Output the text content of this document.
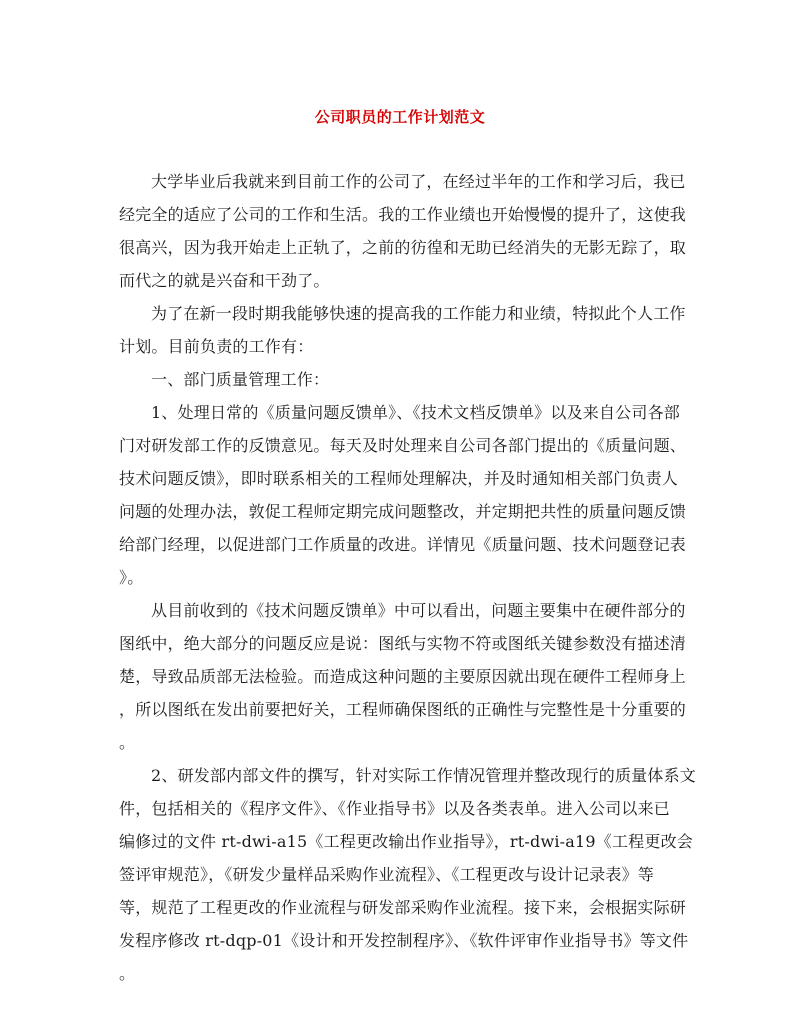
公司职员的工作计划范文
大学毕业后我就来到目前工作的公司了，在经过半年的工作和学习后，我已
经完全的适应了公司的工作和生活。我的工作业绩也开始慢慢的提升了，这使我
很高兴，因为我开始走上正轨了，之前的彷徨和无助已经消失的无影无踪了，取
而代之的就是兴奋和干劲了。
为了在新一段时期我能够快速的提高我的工作能力和业绩，特拟此个人工作
计划。目前负责的工作有：
一、部门质量管理工作：
1、处理日常的《质量问题反馈单》、《技术文档反馈单》以及来自公司各部
门对研发部工作的反馈意见。每天及时处理来自公司各部门提出的《质量问题、
技术问题反馈》，即时联系相关的工程师处理解决，并及时通知相关部门负责人
问题的处理办法，敦促工程师定期完成问题整改，并定期把共性的质量问题反馈
给部门经理，以促进部门工作质量的改进。详情见《质量问题、技术问题登记表
》。
从目前收到的《技术问题反馈单》中可以看出，问题主要集中在硬件部分的
图纸中，绝大部分的问题反应是说：图纸与实物不符或图纸关键参数没有描述清
楚，导致品质部无法检验。而造成这种问题的主要原因就出现在硬件工程师身上
，所以图纸在发出前要把好关，工程师确保图纸的正确性与完整性是十分重要的
。
2、研发部内部文件的撰写，针对实际工作情况管理并整改现行的质量体系文
件，包括相关的《程序文件》、《作业指导书》以及各类表单。进入公司以来已
编修过的文件 rt-dwi-a15《工程更改输出作业指导》，rt-dwi-a19《工程更改会
签评审规范》，《研发少量样品采购作业流程》、《工程更改与设计记录表》等
等，规范了工程更改的作业流程与研发部采购作业流程。接下来，会根据实际研
发程序修改 rt-dqp-01《设计和开发控制程序》、《软件评审作业指导书》等文件
。
